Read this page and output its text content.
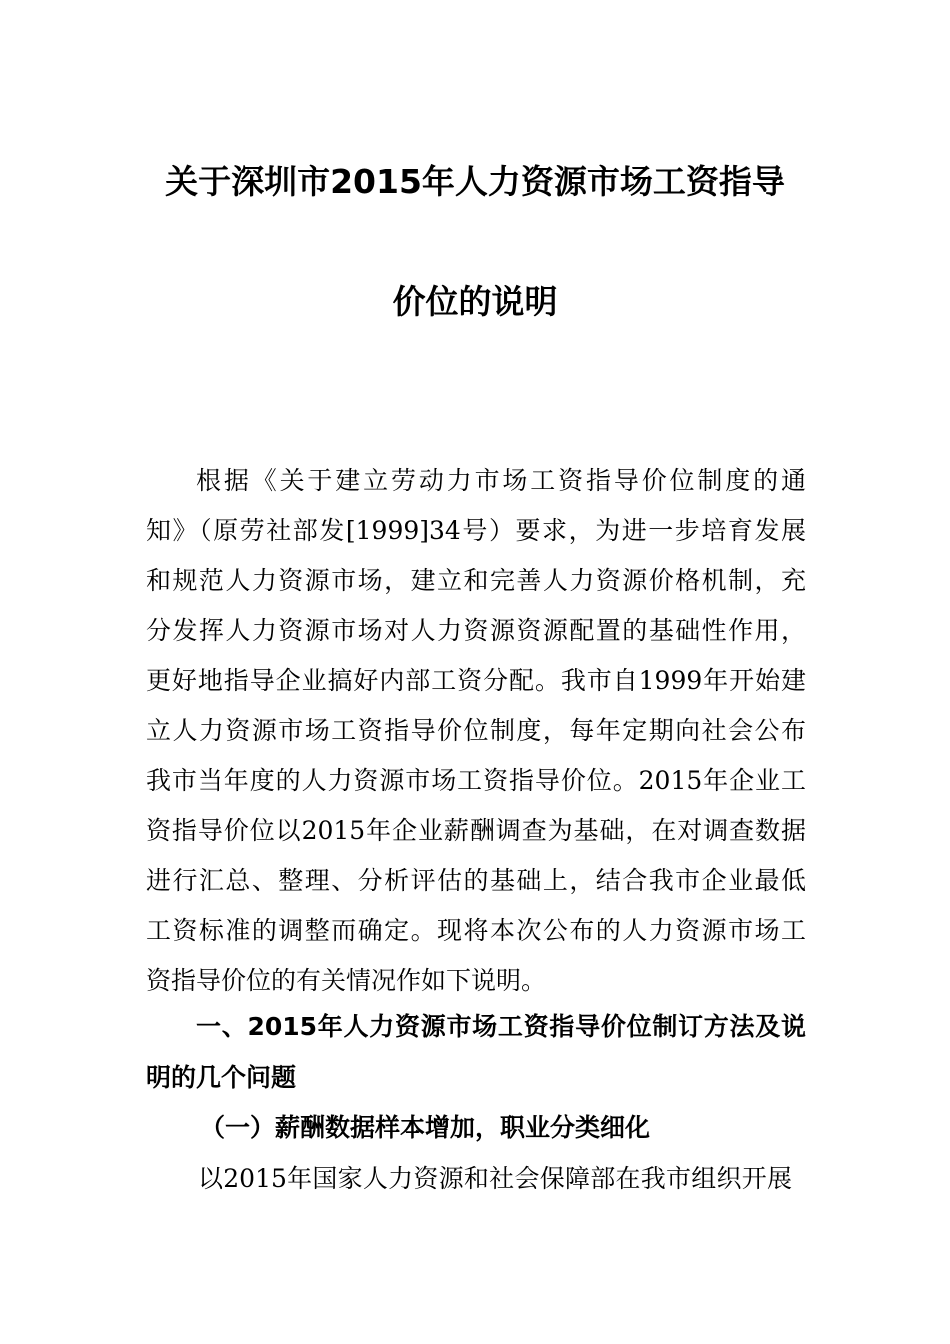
关于深圳市2015年人力资源市场工资指导
价位的说明
根据《关于建立劳动力市场工资指导价位制度的通
知》（原劳社部发[1999]34号）要求，为进一步培育发展
和规范人力资源市场，建立和完善人力资源价格机制，充
分发挥人力资源市场对人力资源资源配置的基础性作用，
更好地指导企业搞好内部工资分配。我市自1999年开始建
立人力资源市场工资指导价位制度，每年定期向社会公布
我市当年度的人力资源市场工资指导价位。2015年企业工
资指导价位以2015年企业薪酬调查为基础，在对调查数据
进行汇总、整理、分析评估的基础上，结合我市企业最低
工资标准的调整而确定。现将本次公布的人力资源市场工
资指导价位的有关情况作如下说明。
一、2015年人力资源市场工资指导价位制订方法及说
明的几个问题
（一）薪酬数据样本增加，职业分类细化
以2015年国家人力资源和社会保障部在我市组织开展
